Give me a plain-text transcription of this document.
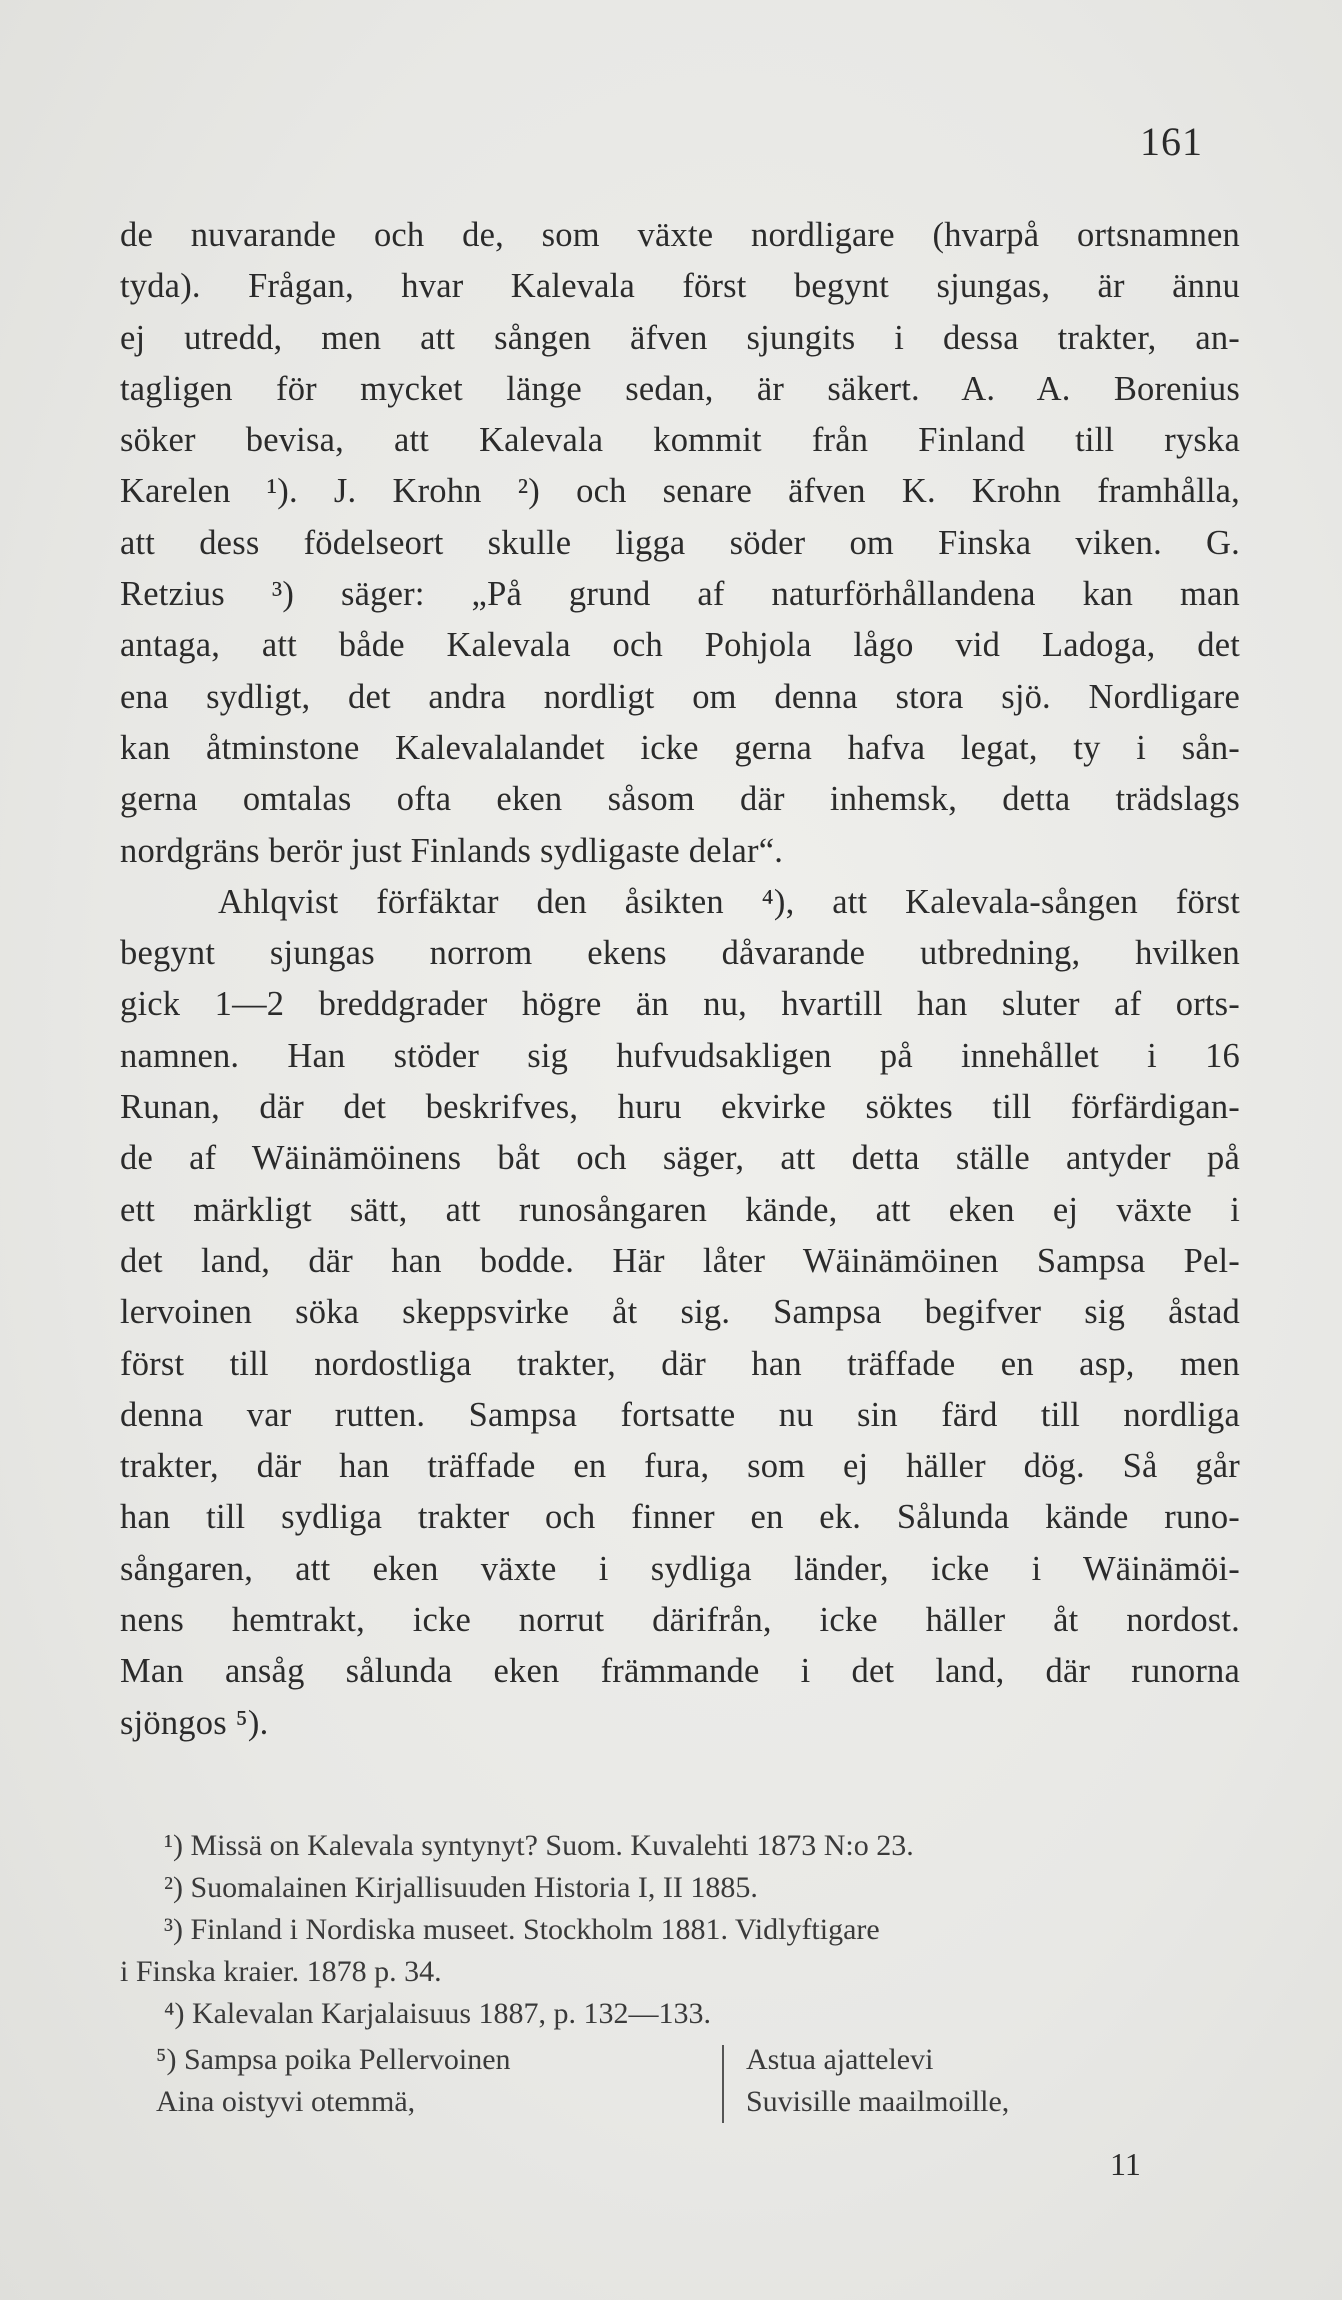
161
de nuvarande och de, som växte nordligare (hvarpå ortsnamnen
tyda). Frågan, hvar Kalevala först begynt sjungas, är ännu
ej utredd, men att sången äfven sjungits i dessa trakter, an-
tagligen för mycket länge sedan, är säkert. A. A. Borenius
söker bevisa, att Kalevala kommit från Finland till ryska
Karelen ¹). J. Krohn ²) och senare äfven K. Krohn framhålla,
att dess födelseort skulle ligga söder om Finska viken. G.
Retzius ³) säger: „På grund af naturförhållandena kan man
antaga, att både Kalevala och Pohjola lågo vid Ladoga, det
ena sydligt, det andra nordligt om denna stora sjö. Nordligare
kan åtminstone Kalevalalandet icke gerna hafva legat, ty i sån-
gerna omtalas ofta eken såsom där inhemsk, detta trädslags
nordgräns berör just Finlands sydligaste delar“.
Ahlqvist förfäktar den åsikten ⁴), att Kalevala-sången först
begynt sjungas norrom ekens dåvarande utbredning, hvilken
gick 1—2 breddgrader högre än nu, hvartill han sluter af orts-
namnen. Han stöder sig hufvudsakligen på innehållet i 16
Runan, där det beskrifves, huru ekvirke söktes till förfärdigan-
de af Wäinämöinens båt och säger, att detta ställe antyder på
ett märkligt sätt, att runosångaren kände, att eken ej växte i
det land, där han bodde. Här låter Wäinämöinen Sampsa Pel-
lervoinen söka skeppsvirke åt sig. Sampsa begifver sig åstad
först till nordostliga trakter, där han träffade en asp, men
denna var rutten. Sampsa fortsatte nu sin färd till nordliga
trakter, där han träffade en fura, som ej häller dög. Så går
han till sydliga trakter och finner en ek. Sålunda kände runo-
sångaren, att eken växte i sydliga länder, icke i Wäinämöi-
nens hemtrakt, icke norrut därifrån, icke häller åt nordost.
Man ansåg sålunda eken främmande i det land, där runorna
sjöngos ⁵).
¹) Missä on Kalevala syntynyt? Suom. Kuvalehti 1873 N:o 23.
²) Suomalainen Kirjallisuuden Historia I, II 1885.
³) Finland i Nordiska museet. Stockholm 1881. Vidlyftigare
i Finska kraier. 1878 p. 34.
⁴) Kalevalan Karjalaisuus 1887, p. 132—133.
⁵) Sampsa poika Pellervoinen
Aina oistyvi otemmä,
Astua ajattelevi
Suvisille maailmoille,
11
